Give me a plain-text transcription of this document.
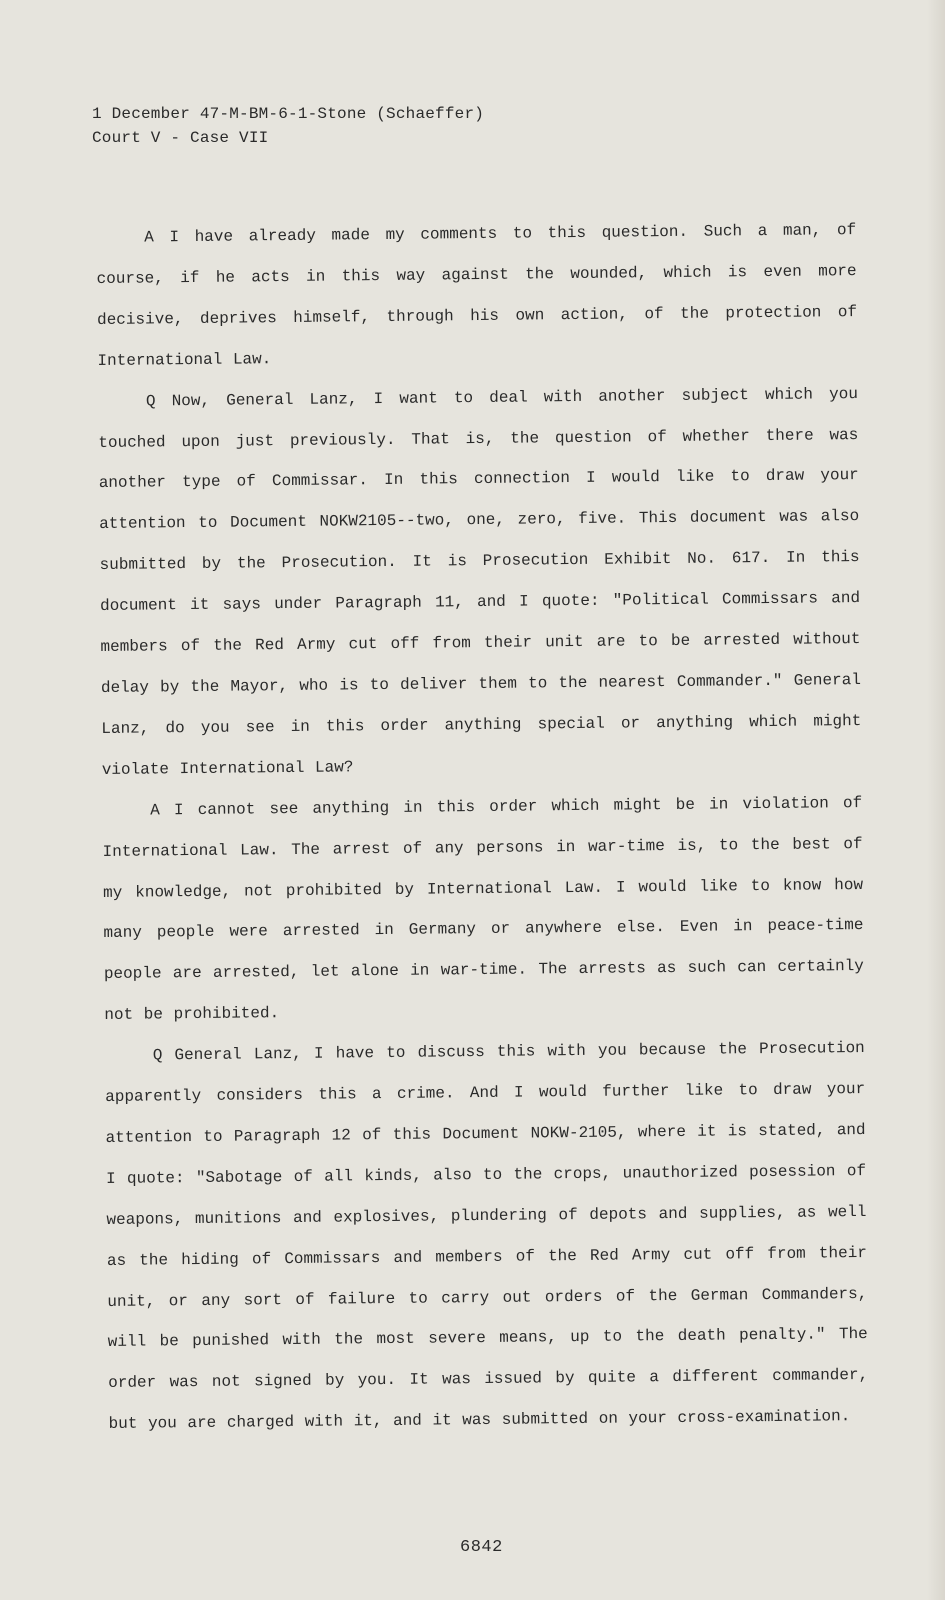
1 December 47-M-BM-6-1-Stone (Schaeffer)
Court V - Case VII

A I have already made my comments to this question. Such a man, of course, if he acts in this way against the wounded, which is even more decisive, deprives himself, through his own action, of the protection of International Law.

Q Now, General Lanz, I want to deal with another subject which you touched upon just previously. That is, the question of whether there was another type of Commissar. In this connection I would like to draw your attention to Document NOKW2105--two, one, zero, five. This document was also submitted by the Prosecution. It is Prosecution Exhibit No. 617. In this document it says under Paragraph 11, and I quote: "Political Commissars and members of the Red Army cut off from their unit are to be arrested without delay by the Mayor, who is to deliver them to the nearest Commander." General Lanz, do you see in this order anything special or anything which might violate International Law?

A I cannot see anything in this order which might be in violation of International Law. The arrest of any persons in war-time is, to the best of my knowledge, not prohibited by International Law. I would like to know how many people were arrested in Germany or anywhere else. Even in peace-time people are arrested, let alone in war-time. The arrests as such can certainly not be prohibited.

Q General Lanz, I have to discuss this with you because the Prosecution apparently considers this a crime. And I would further like to draw your attention to Paragraph 12 of this Document NOKW-2105, where it is stated, and I quote: "Sabotage of all kinds, also to the crops, unauthorized posession of weapons, munitions and explosives, plundering of depots and supplies, as well as the hiding of Commissars and members of the Red Army cut off from their unit, or any sort of failure to carry out orders of the German Commanders, will be punished with the most severe means, up to the death penalty." The order was not signed by you. It was issued by quite a different commander, but you are charged with it, and it was submitted on your cross-examination.

6842
